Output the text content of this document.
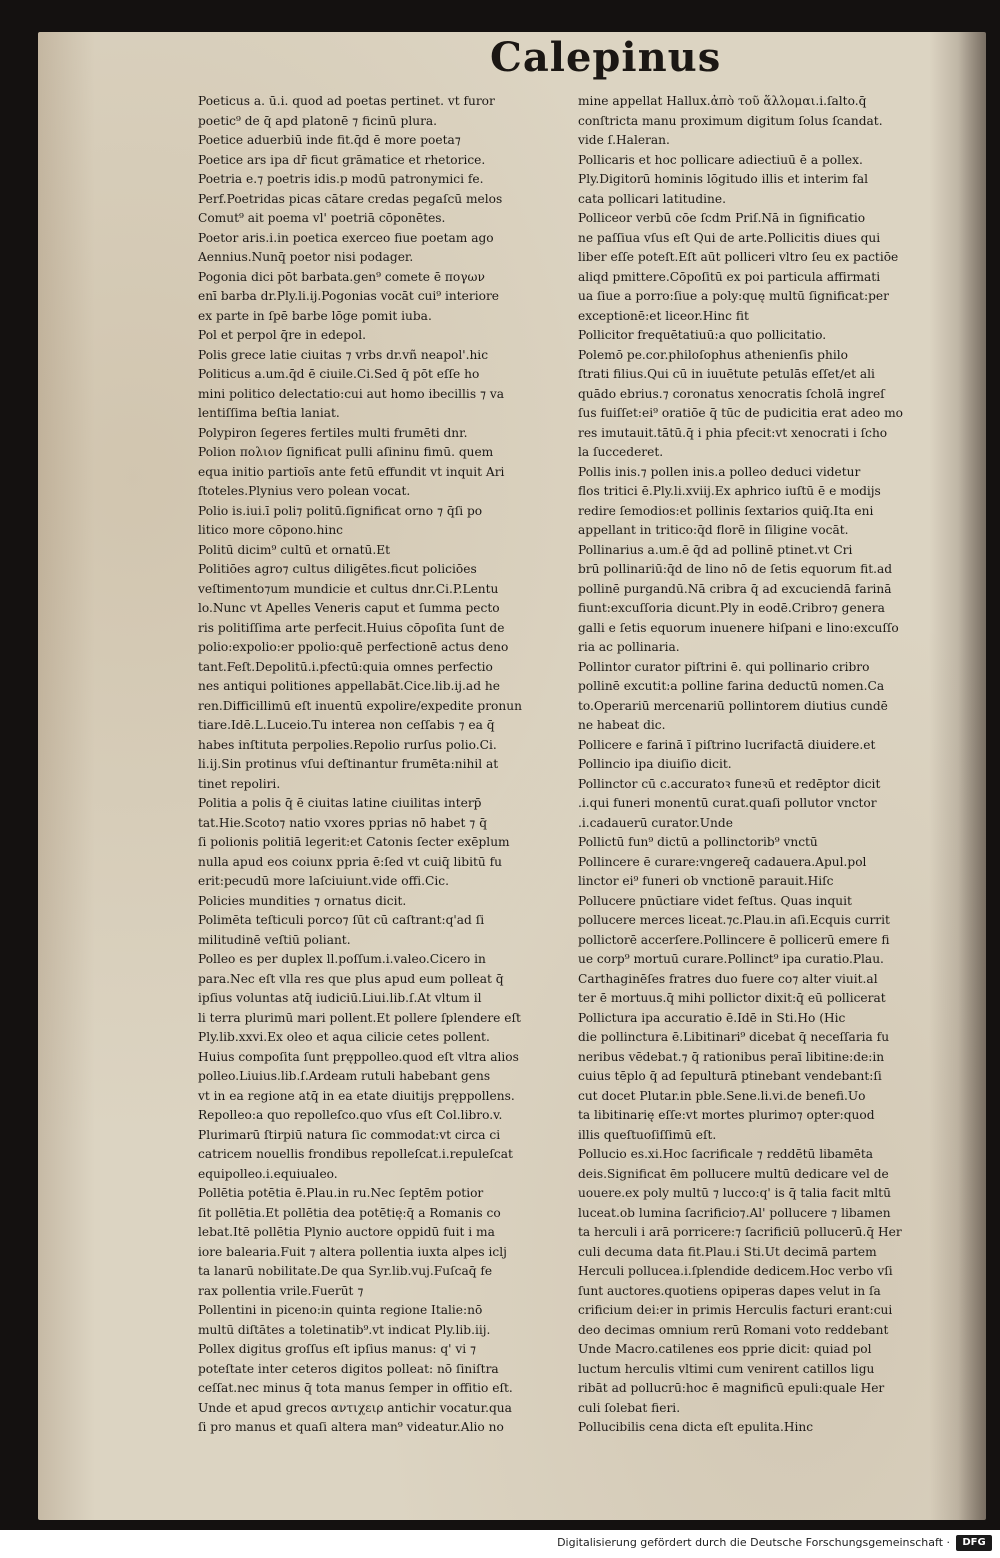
Calepinus
Poeticus a. ū.i. quod ad poetas pertinet. vt furor
poetic⁹ de q̄ apd platonē ⁊ ficinū plura.
Poetice aduerbiū inde fit.q̄d ē more poeta⁊
Poetice ars ipa dr̄ ficut grāmatice et rhetorice.
Poetria e.⁊ poetris idis.p modū patronymici fe.
Perf.Poetridas picas cātare credas pegaſcū melos
Comut⁹ ait poema vl' poetriā cōponētes.
Poetor aris.i.in poetica exerceo fiue poetam ago
Aennius.Nunq̄ poetor nisi podager.
Pogonia dici pōt barbata.gen⁹ comete ē πογων
enī barba dr.Ply.li.ij.Pogonias vocāt cui⁹ interiore
ex parte in ſpē barbe lōge pomit iuba.
Pol et perpol q̄re in edepol.
Polis grece latie ciuitas ⁊ vrbs dr.vñ neapol'.hic
Politicus a.um.q̄d ē ciuile.Ci.Sed q̄ pōt eſſe ho
mini politico delectatio:cui aut homo ibecillis ⁊ va
lentiſſima beſtia laniat.
Polypiron ſegeres fertiles multi frumēti dnr.
Polion πολιον ſignificat pulli aſininu fimū. quem
equa initio partioīs ante fetū effundit vt inquit Ari
ſtoteles.Plynius vero polean vocat.
Polio is.iui.ī poli⁊ politū.ſignificat orno ⁊ q̄ſi po
litico more cōpono.hinc
Politū dicim⁹ cultū et ornatū.Et
Politiōes agro⁊ cultus diligētes.ficut policiōes
veſtimento⁊um mundicie et cultus dnr.Ci.P.Lentu
lo.Nunc vt Apelles Veneris caput et ſumma pecto
ris politiſſima arte perfecit.Huius cōpoſita ſunt de
polio:expolio:er ppolio:quē perfectionē actus deno
tant.Feſt.Depolitū.i.pfectū:quia omnes perfectio
nes antiqui politiones appellabāt.Cice.lib.ij.ad he
ren.Difficillimū eſt inuentū expolire/expedite pronun
tiare.Idē.L.Luceio.Tu interea non ceſſabis ⁊ ea q̄
habes inſtituta perpolies.Repolio rurſus polio.Ci.
li.ij.Sin protinus vſui deſtinantur frumēta:nihil at
tinet repoliri.
Politia a polis q̄ ē ciuitas latine ciuilitas interp̄
tat.Hie.Scoto⁊ natio vxores pprias nō habet ⁊ q̄
ſi polionis politiā legerit:et Catonis ſecter exēplum
nulla apud eos coiunx ppria ē:ſed vt cuiq̄ libitū fu
erit:pecudū more laſciuiunt.vide offi.Cic.
Policies mundities ⁊ ornatus dicit.
Polimēta teſticuli porco⁊ ſūt cū caſtrant:q'ad ſi
militudinē veſtiū poliant.
Polleo es per duplex ll.poſſum.i.valeo.Cicero in
para.Nec eſt vlla res que plus apud eum polleat q̄
ipſius voluntas atq̄ iudiciū.Liui.lib.ſ.At vltum il
li terra plurimū mari pollent.Et pollere ſplendere eſt
Ply.lib.xxvi.Ex oleo et aqua cilicie cetes pollent.
Huius compoſita ſunt pręppolleo.quod eſt vltra alios
polleo.Liuius.lib.ſ.Ardeam rutuli habebant gens
vt in ea regione atq̄ in ea etate diuitijs pręppollens.
Repolleo:a quo repolleſco.quo vſus eſt Col.libro.v.
Plurimarū ſtirpiū natura ſic commodat:vt circa ci
catricem nouellis frondibus repolleſcat.i.repuleſcat
equipolleo.i.equiualeo.
Pollētia potētia ē.Plau.in ru.Nec ſeptēm potior
ſit pollētia.Et pollētia dea potētię:q̄ a Romanis co
lebat.Itē pollētia Plynio auctore oppidū fuit i ma
iore balearia.Fuit ⁊ altera pollentia iuxta alpes iclj
ta lanarū nobilitate.De qua Syr.lib.vuj.Fuſcaq̄ fe
rax pollentia vrile.Fuerūt ⁊
Pollentini in piceno:in quinta regione Italie:nō
multū diſtātes a toletinatib⁹.vt indicat Ply.lib.iij.
Pollex digitus groſſus eſt ipſius manus: q' vi ⁊
poteſtate inter ceteros digitos polleat: nō ſiniſtra
ceſſat.nec minus q̄ tota manus ſemper in offitio eſt.
Unde et apud grecos αντιχειρ antichir vocatur.qua
ſi pro manus et quaſi altera man⁹ videatur.Alio no
mine appellat Hallux.ἀπὸ τοῦ ἅλλομαι.i.ſalto.q̄
conſtricta manu proximum digitum ſolus ſcandat.
vide ſ.Haleran.
Pollicaris et hoc pollicare adiectiuū ē a pollex.
Ply.Digitorū hominis lōgitudo illis et interim fal
cata pollicari latitudine.
Polliceor verbū cōe ſcdm Priſ.Nā in ſignificatio
ne paſſiua vſus eſt Qui de arte.Pollicitis diues qui
liber eſſe poteſt.Eſt aūt polliceri vltro ſeu ex pactiōe
aliqd pmittere.Cōpoſitū ex poi particula affirmati
ua ſiue a porro:ſiue a poly:quę multū ſignificat:per
exceptionē:et liceor.Hinc fit
Pollicitor frequētatiuū:a quo pollicitatio.
Polemō pe.cor.philoſophus athenienſis philo
ſtrati filius.Qui cū in iuuētute petulās eſſet/et ali
quādo ebrius.⁊ coronatus xenocratis ſcholā ingreſ
ſus fuiſſet:ei⁹ oratiōe q̄ tūc de pudicitia erat adeo mo
res imutauit.tātū.q̄ i phia pfecit:vt xenocrati i ſcho
la ſuccederet.
Pollis inis.⁊ pollen inis.a polleo deduci videtur
flos tritici ē.Ply.li.xviij.Ex aphrico iuſtū ē e modijs
redire ſemodios:et pollinis ſextarios quiq̄.Ita eni
appellant in tritico:q̄d florē in ſiligine vocāt.
Pollinarius a.um.ē q̄d ad pollinē ptinet.vt Cri
brū pollinariū:q̄d de lino nō de ſetis equorum fit.ad
pollinē purgandū.Nā cribra q̄ ad excuciendā farinā
fiunt:excuſſoria dicunt.Ply in eodē.Cribro⁊ genera
galli e ſetis equorum inuenere hiſpani e lino:excuſſo
ria ac pollinaria.
Pollintor curator piſtrini ē. qui pollinario cribro
pollinē excutit:a polline farina deductū nomen.Ca
to.Operariū mercenariū pollintorem diutius cundē
ne habeat dic.
Pollicere e farinā ī piſtrino lucrifactā diuidere.et
Pollincio ipa diuiſio dicit.
Pollinctor cū c.accuratoꝛ funeꝛū et redēptor dicit
.i.qui funeri monentū curat.quaſi pollutor vnctor
.i.cadauerū curator.Unde
Pollictū fun⁹ dictū a pollinctorib⁹ vnctū
Pollincere ē curare:vngereq̄ cadauera.Apul.pol
linctor ei⁹ funeri ob vnctionē parauit.Hiſc
Pollucere pnūctiare videt feſtus. Quas inquit
pollucere merces liceat.⁊c.Plau.in aſi.Ecquis currit
pollictorē accerſere.Pollincere ē pollicerū emere fi
ue corp⁹ mortuū curare.Pollinct⁹ ipa curatio.Plau.
Carthaginēſes fratres duo fuere co⁊ alter viuit.al
ter ē mortuus.q̄ mihi pollictor dixit:q̄ eū pollicerat
Pollictura ipa accuratio ē.Idē in Sti.Ho (Hic
die pollinctura ē.Libitinari⁹ dicebat q̄ neceſſaria fu
neribus vēdebat.⁊ q̄ rationibus peraī libitine:de:in
cuius tēplo q̄ ad ſepulturā ptinebant vendebant:ſi
cut docet Plutar.in pble.Sene.li.vi.de benefi.Uo
ta libitinarię eſſe:vt mortes plurimo⁊ opter:quod
illis queſtuoſiſſimū eſt.
Pollucio es.xi.Hoc ſacrificale ⁊ reddētū libamēta
deis.Significat ēm pollucere multū dedicare vel de
uouere.ex poly multū ⁊ lucco:q' is q̄ talia facit mltū
luceat.ob lumina ſacrificio⁊.Al' pollucere ⁊ libamen
ta herculi i arā porricere:⁊ ſacrificiū pollucerū.q̄ Her
culi decuma data fit.Plau.i Sti.Ut decimā partem
Herculi pollucea.i.ſplendide dedicem.Hoc verbo vſi
ſunt auctores.quotiens opiperas dapes velut in ſa
crificium dei:er in primis Herculis facturi erant:cui
deo decimas omnium rerū Romani voto reddebant
Unde Macro.catilenes eos pprie dicit: quiad pol
luctum herculis vltimi cum venirent catillos ligu
ribāt ad pollucrū:hoc ē magnificū epuli:quale Her
culi ſolebat fieri.
Pollucibilis cena dicta eſt epulita.Hinc
Digitalisierung gefördert durch die Deutsche Forschungsgemeinschaft ·	DFG
